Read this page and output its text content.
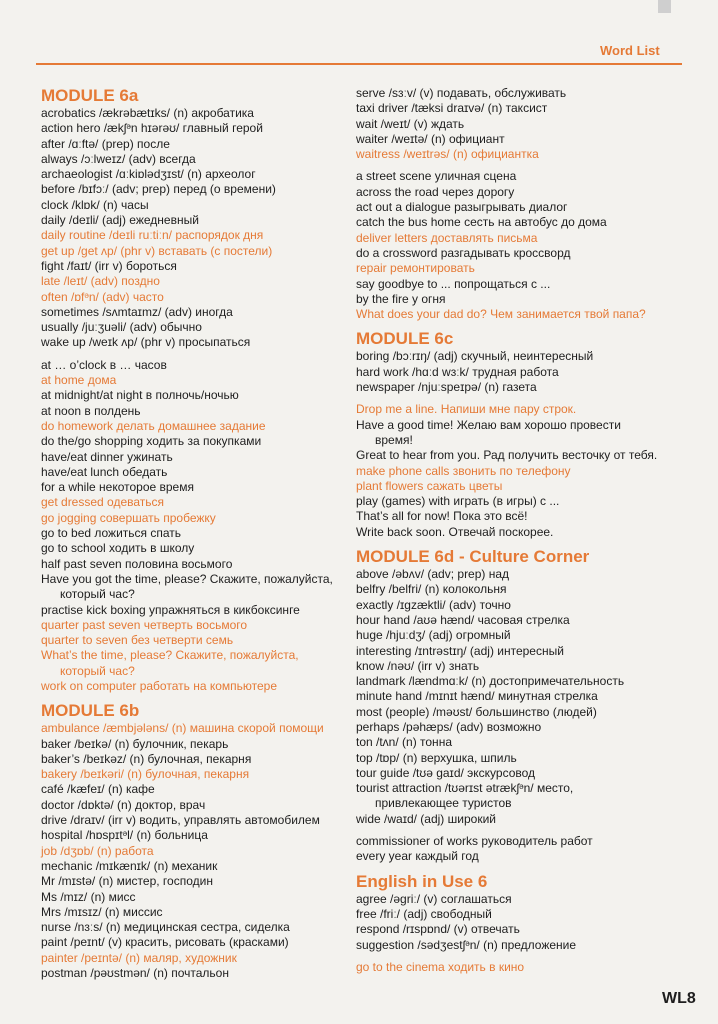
Word List
MODULE 6a
acrobatics /ækrəbætɪks/ (n) акробатика
action hero /ækʃᵊn hɪərəʊ/ главный герой
after /ɑːftə/ (prep) после
always /ɔːlweɪz/ (adv) всегда
archaeologist /ɑːkiɒlədʒɪst/ (n) археолог
before /bɪfɔː/ (adv; prep) перед (о времени)
clock /klɒk/ (n) часы
daily /deɪli/ (adj) ежедневный
daily routine /deɪli ruːtiːn/ распорядок дня
get up /get ʌp/ (phr v) вставать (с постели)
fight /faɪt/ (irr v) бороться
late /leɪt/ (adv) поздно
often /ɒfᵊn/ (adv) часто
sometimes /sʌmtaɪmz/ (adv) иногда
usually /juːʒuəli/ (adv) обычно
wake up /weɪk ʌp/ (phr v) просыпаться
at … o’clock в … часов
at home дома
at midnight/at night в полночь/ночью
at noon в полдень
do homework делать домашнее задание
do the/go shopping ходить за покупками
have/eat dinner ужинать
have/eat lunch обедать
for a while некоторое время
get dressed одеваться
go jogging совершать пробежку
go to bed ложиться спать
go to school ходить в школу
half past seven половина восьмого
Have you got the time, please? Скажите, пожалуйста,
который час?
practise kick boxing упражняться в кикбоксинге
quarter past seven четверть восьмого
quarter to seven без четверти семь
What’s the time, please? Скажите, пожалуйста,
который час?
work on computer работать на компьютере
MODULE 6b
ambulance /æmbjələns/ (n) машина скорой помощи
baker /beɪkə/ (n) булочник, пекарь
baker’s /beɪkəz/ (n) булочная, пекарня
bakery /beɪkəri/ (n) булочная, пекарня
café /kæfeɪ/ (n) кафе
doctor /dɒktə/ (n) доктор, врач
drive /draɪv/ (irr v) водить, управлять автомобилем
hospital /hɒspɪtᵊl/ (n) больница
job /dʒɒb/ (n) работа
mechanic /mɪkænɪk/ (n) механик
Mr /mɪstə/ (n) мистер, господин
Ms /mɪz/ (n) мисс
Mrs /mɪsɪz/ (n) миссис
nurse /nɜːs/ (n) медицинская сестра, сиделка
paint /peɪnt/ (v) красить, рисовать (красками)
painter /peɪntə/ (n) маляр, художник
postman /pəʊstmən/ (n) почтальон
serve /sɜːv/ (v) подавать, обслуживать
taxi driver /tæksi draɪvə/ (n) таксист
wait /weɪt/ (v) ждать
waiter /weɪtə/ (n) официант
waitress /weɪtrəs/ (n) официантка
a street scene уличная сцена
across the road через дорогу
act out a dialogue разыгрывать диалог
catch the bus home сесть на автобус до дома
deliver letters доставлять письма
do a crossword разгадывать кроссворд
repair ремонтировать
say goodbye to ... попрощаться с ...
by the fire у огня
What does your dad do? Чем занимается твой папа?
MODULE 6c
boring /bɔːrɪŋ/ (adj) скучный, неинтересный
hard work /hɑːd wɜːk/ трудная работа
newspaper /njuːspeɪpə/ (n) газета
Drop me a line. Напиши мне пару строк.
Have a good time! Желаю вам хорошо провести
время!
Great to hear from you. Рад получить весточку от тебя.
make phone calls звонить по телефону
plant flowers сажать цветы
play (games) with играть (в игры) с ...
That’s all for now! Пока это всё!
Write back soon. Отвечай поскорее.
MODULE 6d - Culture Corner
above /əbʌv/ (adv; prep) над
belfry /belfri/ (n) колокольня
exactly /ɪgzæktli/ (adv) точно
hour hand /aʊə hænd/ часовая стрелка
huge /hjuːdʒ/ (adj) огромный
interesting /ɪntrəstɪŋ/ (adj) интересный
know /nəʊ/ (irr v) знать
landmark /lændmɑːk/ (n) достопримечательность
minute hand /mɪnɪt hænd/ минутная стрелка
most (people) /məʊst/ большинство (людей)
perhaps /pəhæps/ (adv) возможно
ton /tʌn/ (n) тонна
top /tɒp/ (n) верхушка, шпиль
tour guide /tʊə gaɪd/ экскурсовод
tourist attraction /tʊərɪst ətrækʃᵊn/ место,
привлекающее туристов
wide /waɪd/ (adj) широкий
commissioner of works руководитель работ
every year каждый год
English in Use 6
agree /əgriː/ (v) соглашаться
free /friː/ (adj) свободный
respond /rɪspɒnd/ (v) отвечать
suggestion /sədʒestʃᵊn/ (n) предложение
go to the cinema ходить в кино
WL8
